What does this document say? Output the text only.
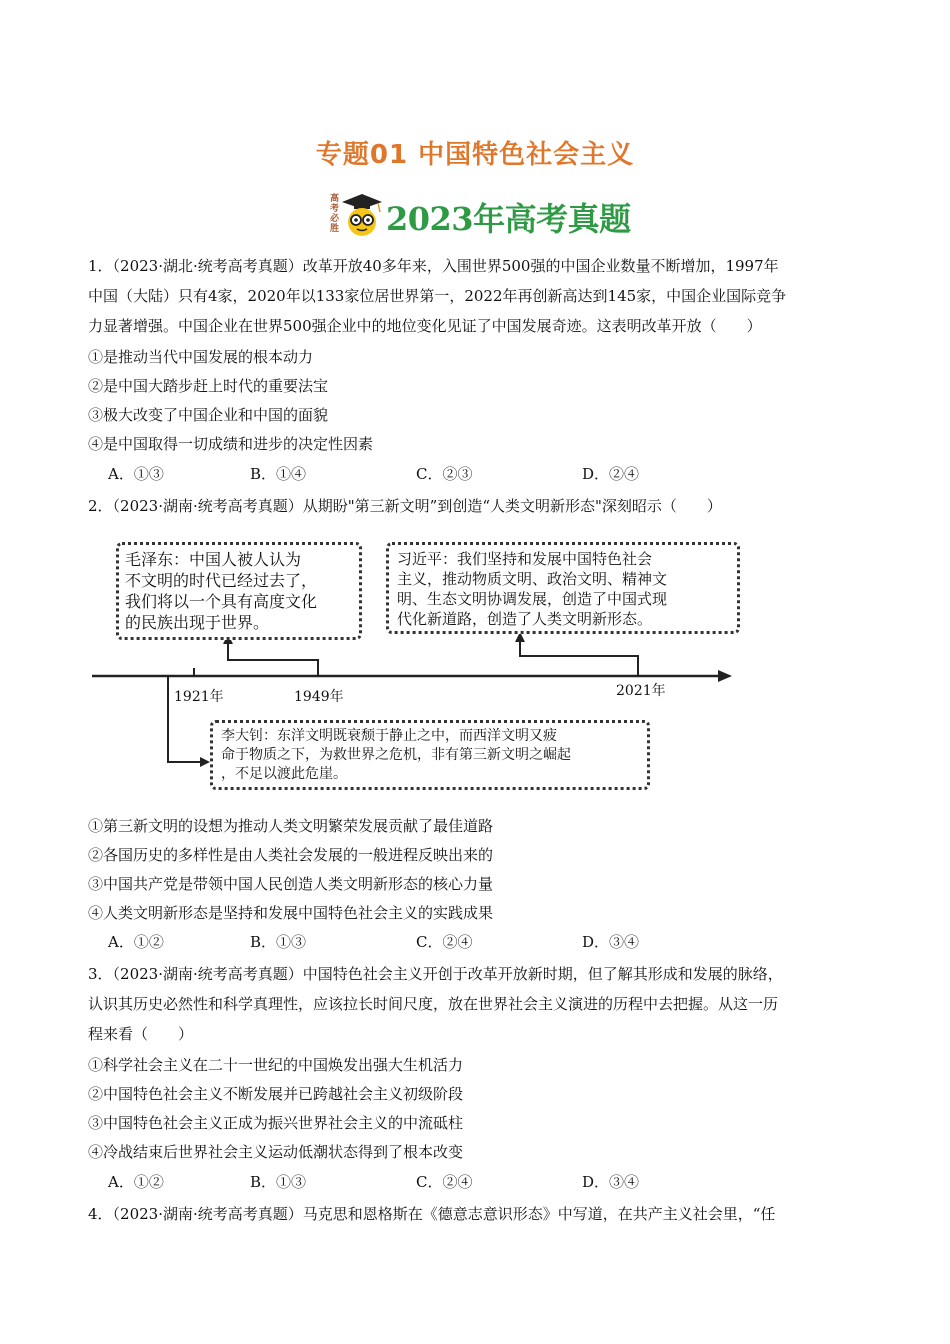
专题01 中国特色社会主义
高考必胜 2023年高考真题
1．（2023·湖北·统考高考真题）改革开放40多年来，入围世界500强的中国企业数量不断增加，1997年
中国（大陆）只有4家，2020年以133家位居世界第一，2022年再创新高达到145家，中国企业国际竞争
力显著增强。中国企业在世界500强企业中的地位变化见证了中国发展奇迹。这表明改革开放（　　）
①是推动当代中国发展的根本动力
②是中国大踏步赶上时代的重要法宝
③极大改变了中国企业和中国的面貌
④是中国取得一切成绩和进步的决定性因素
A．①③	B．①④	C．②③	D．②④
2．（2023·湖南·统考高考真题）从期盼"第三新文明”到创造“人类文明新形态"深刻昭示（　　）
毛泽东：中国人被人认为
不文明的时代已经过去了，
我们将以一个具有高度文化
的民族出现于世界。
习近平：我们坚持和发展中国特色社会
主义，推动物质文明、政治文明、精神文
明、生态文明协调发展，创造了中国式现
代化新道路，创造了人类文明新形态。
1921年	1949年	2021年
李大钊：东洋文明既衰颓于静止之中，而西洋文明又疲
命于物质之下，为救世界之危机，非有第三新文明之崛起
，不足以渡此危崖。
①第三新文明的设想为推动人类文明繁荣发展贡献了最佳道路
②各国历史的多样性是由人类社会发展的一般进程反映出来的
③中国共产党是带领中国人民创造人类文明新形态的核心力量
④人类文明新形态是坚持和发展中国特色社会主义的实践成果
A．①②	B．①③	C．②④	D．③④
3．（2023·湖南·统考高考真题）中国特色社会主义开创于改革开放新时期，但了解其形成和发展的脉络，
认识其历史必然性和科学真理性，应该拉长时间尺度，放在世界社会主义演进的历程中去把握。从这一历
程来看（　　）
①科学社会主义在二十一世纪的中国焕发出强大生机活力
②中国特色社会主义不断发展并已跨越社会主义初级阶段
③中国特色社会主义正成为振兴世界社会主义的中流砥柱
④冷战结束后世界社会主义运动低潮状态得到了根本改变
A．①②	B．①③	C．②④	D．③④
4．（2023·湖南·统考高考真题）马克思和恩格斯在《德意志意识形态》中写道，在共产主义社会里，“任
